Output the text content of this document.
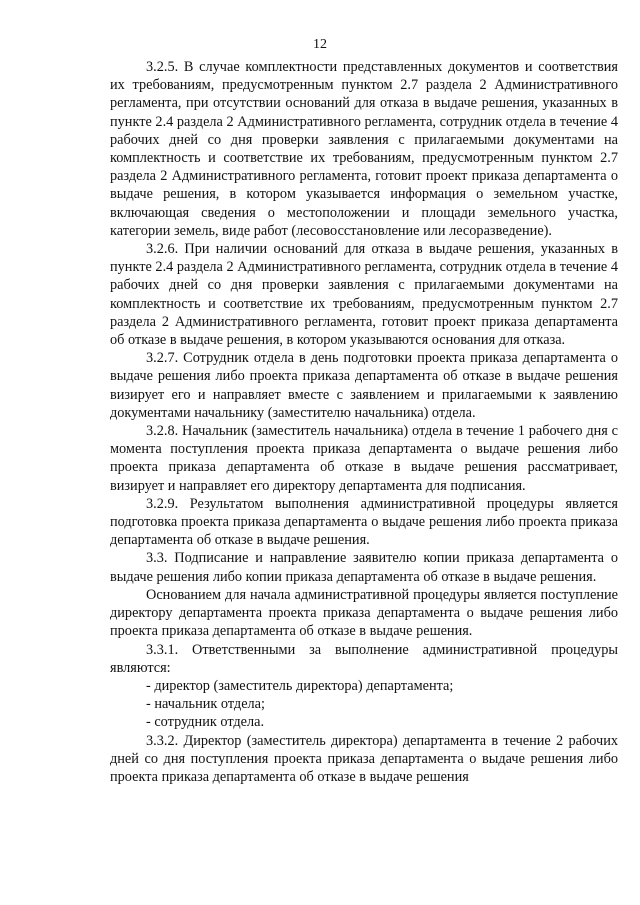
12

3.2.5. В случае комплектности представленных документов и соответствия их требованиям, предусмотренным пунктом 2.7 раздела 2 Административного регламента, при отсутствии оснований для отказа в выдаче решения, указанных в пункте 2.4 раздела 2 Административного регламента, сотрудник отдела в течение 4 рабочих дней со дня проверки заявления с прилагаемыми документами на комплектность и соответствие их требованиям, предусмотренным пунктом 2.7 раздела 2 Административного регламента, готовит проект приказа департамента о выдаче решения, в котором указывается информация о земельном участке, включающая сведения о местоположении и площади земельного участка, категории земель, виде работ (лесовосстановление или лесоразведение).

3.2.6. При наличии оснований для отказа в выдаче решения, указанных в пункте 2.4 раздела 2 Административного регламента, сотрудник отдела в течение 4 рабочих дней со дня проверки заявления с прилагаемыми документами на комплектность и соответствие их требованиям, предусмотренным пунктом 2.7 раздела 2 Административного регламента, готовит проект приказа департамента об отказе в выдаче решения, в котором указываются основания для отказа.

3.2.7. Сотрудник отдела в день подготовки проекта приказа департамента о выдаче решения либо проекта приказа департамента об отказе в выдаче решения визирует его и направляет вместе с заявлением и прилагаемыми к заявлению документами начальнику (заместителю начальника) отдела.

3.2.8. Начальник (заместитель начальника) отдела в течение 1 рабочего дня с момента поступления проекта приказа департамента о выдаче решения либо проекта приказа департамента об отказе в выдаче решения рассматривает, визирует и направляет его директору департамента для подписания.

3.2.9. Результатом выполнения административной процедуры является подготовка проекта приказа департамента о выдаче решения либо проекта приказа департамента об отказе в выдаче решения.

3.3. Подписание и направление заявителю копии приказа департамента о выдаче решения либо копии приказа департамента об отказе в выдаче решения.

Основанием для начала административной процедуры является поступление директору департамента проекта приказа департамента о выдаче решения либо проекта приказа департамента об отказе в выдаче решения.

3.3.1. Ответственными за выполнение административной процедуры являются:

- директор (заместитель директора) департамента;

- начальник отдела;

- сотрудник отдела.

3.3.2. Директор (заместитель директора) департамента в течение 2 рабочих дней со дня поступления проекта приказа департамента о выдаче решения либо проекта приказа департамента об отказе в выдаче решения
